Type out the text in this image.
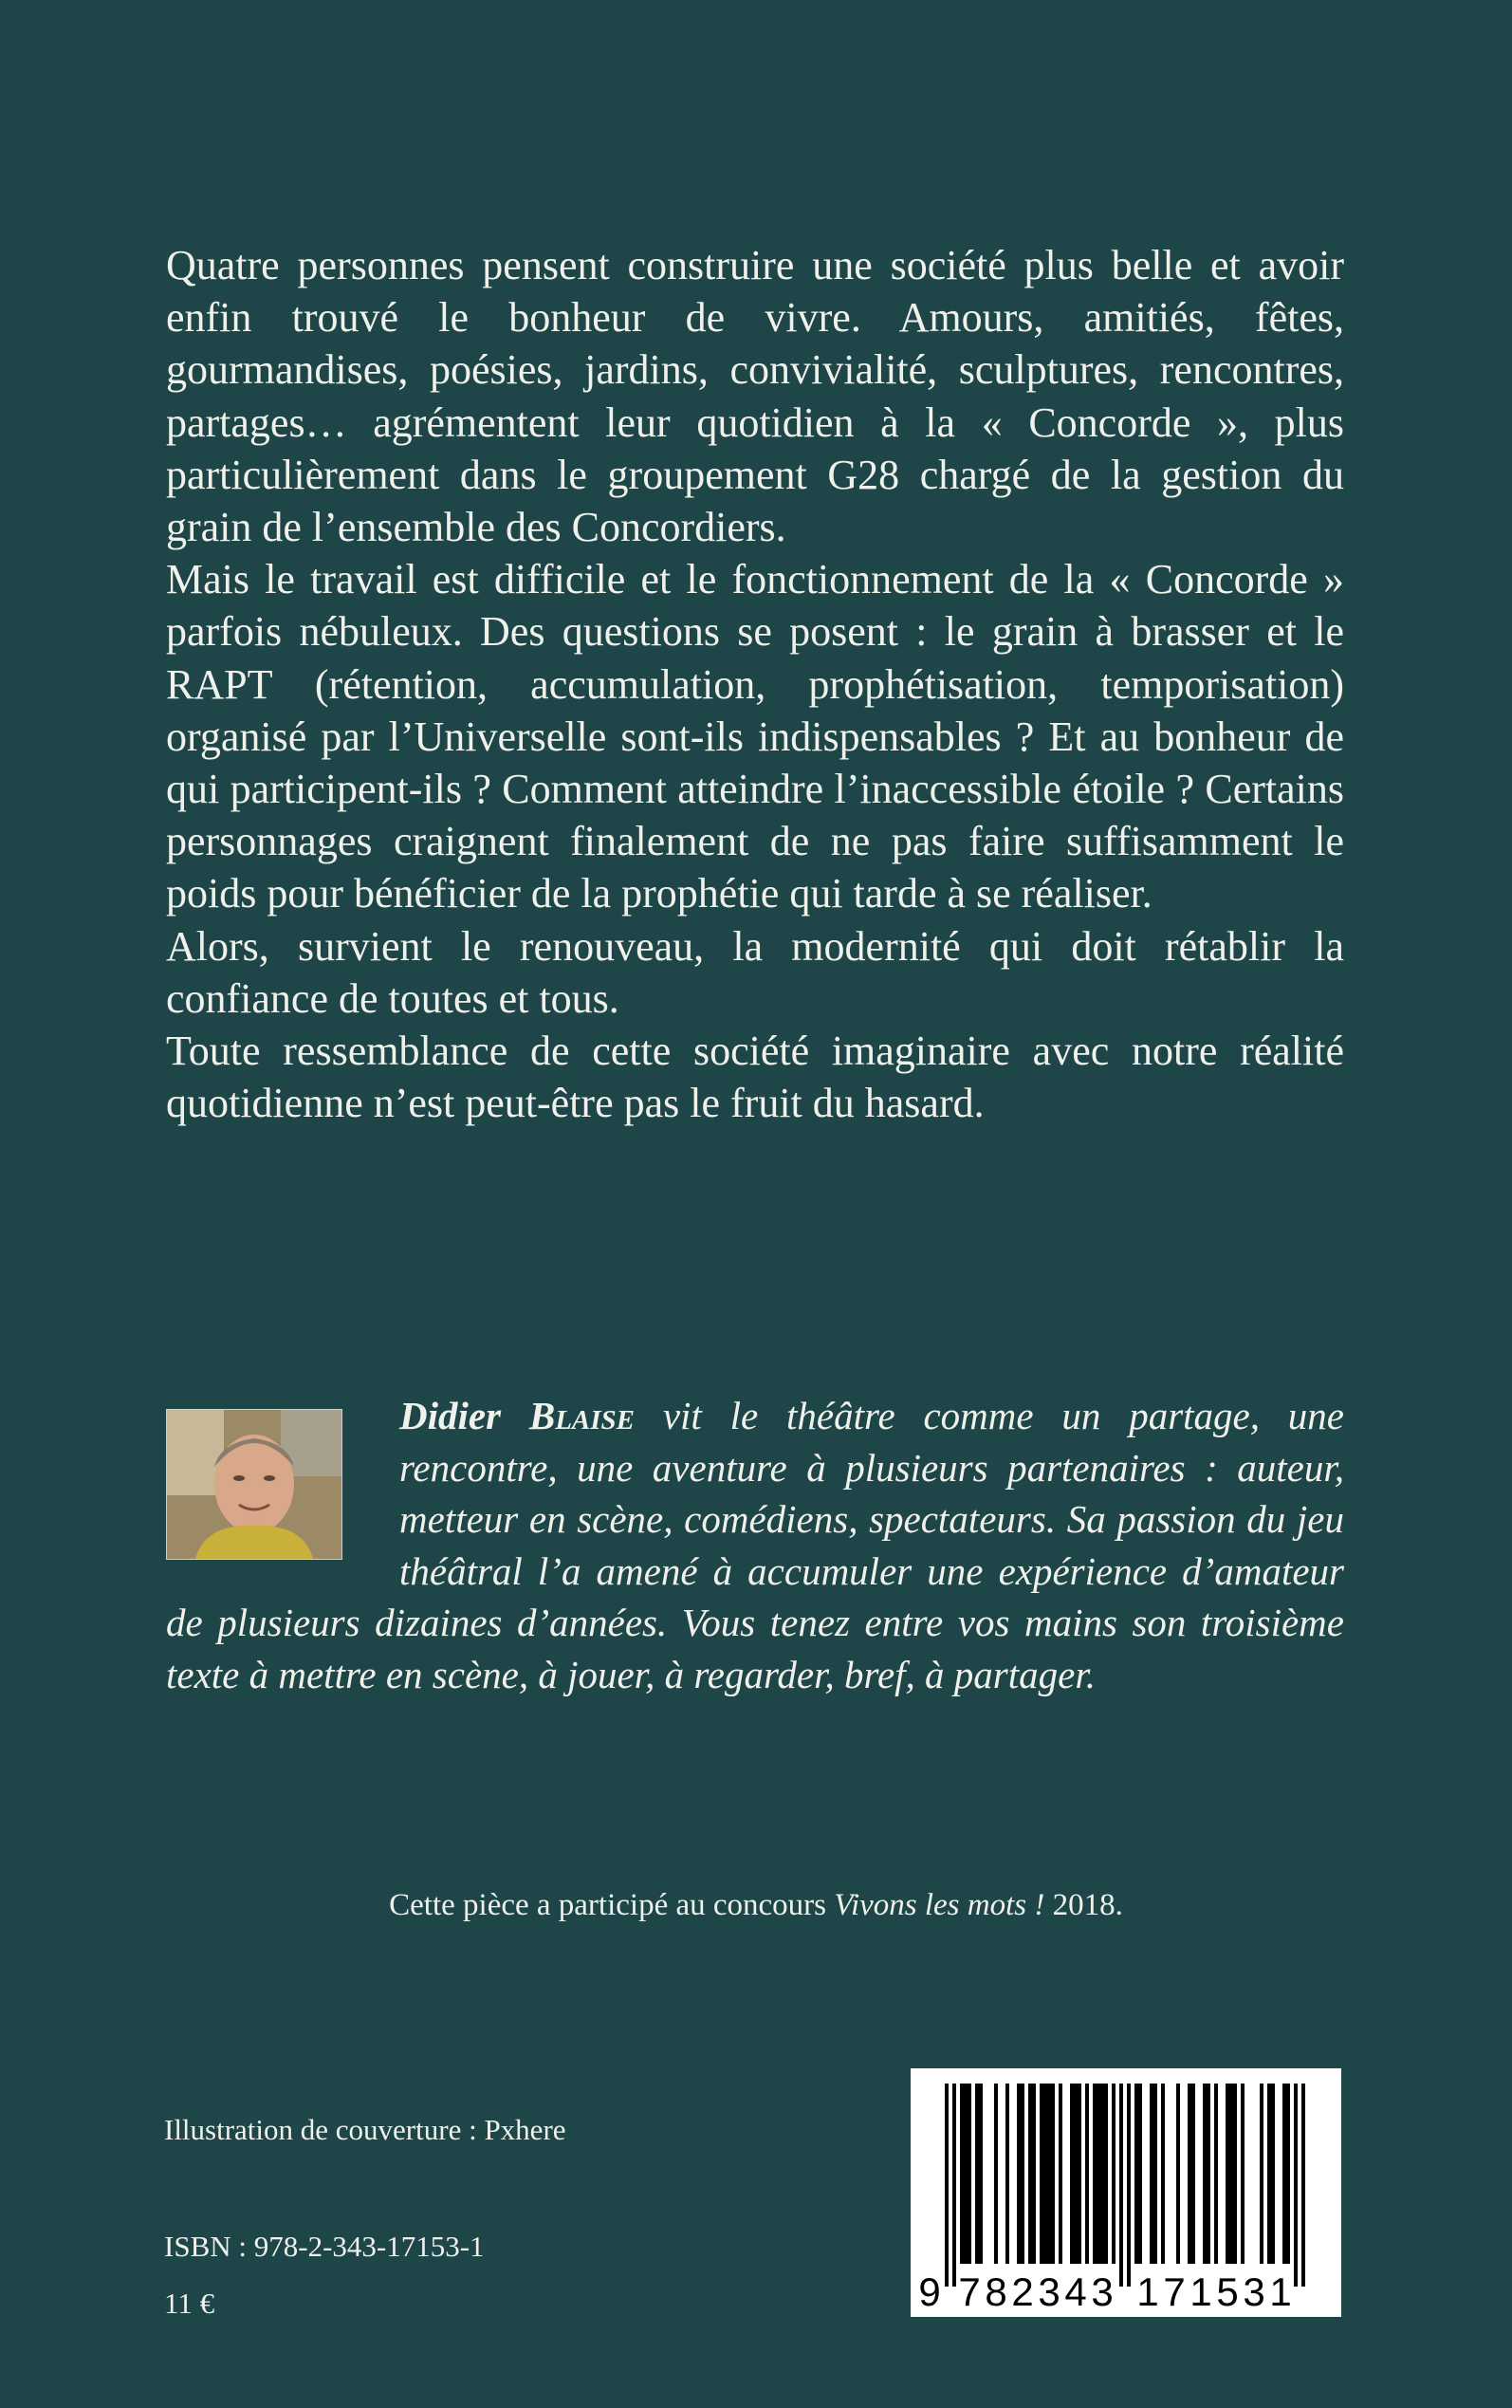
Quatre personnes pensent construire une société plus belle et avoir enfin trouvé le bonheur de vivre. Amours, amitiés, fêtes, gourmandises, poésies, jardins, convivialité, sculptures, rencontres, partages… agrémentent leur quotidien à la « Concorde », plus particulièrement dans le groupement G28 chargé de la gestion du grain de l’ensemble des Concordiers.

Mais le travail est difficile et le fonctionnement de la « Concorde » parfois nébuleux. Des questions se posent : le grain à brasser et le RAPT (rétention, accumulation, prophétisation, temporisation) organisé par l’Universelle sont-ils indispensables ? Et au bonheur de qui participent-ils ? Comment atteindre l’inaccessible étoile ? Certains personnages craignent finalement de ne pas faire suffisamment le poids pour bénéficier de la prophétie qui tarde à se réaliser.

Alors, survient le renouveau, la modernité qui doit rétablir la confiance de toutes et tous.

Toute ressemblance de cette société imaginaire avec notre réalité quotidienne n’est peut-être pas le fruit du hasard.

Didier Blaise vit le théâtre comme un partage, une rencontre, une aventure à plusieurs partenaires : auteur, metteur en scène, comédiens, spectateurs. Sa passion du jeu théâtral l’a amené à accumuler une expérience d’amateur de plusieurs dizaines d’années. Vous tenez entre vos mains son troisième texte à mettre en scène, à jouer, à regarder, bref, à partager.
Cette pièce a participé au concours Vivons les mots ! 2018.
Illustration de couverture : Pxhere
ISBN : 978-2-343-17153-1
11 €	9 7 8 2 3 4 3 1 7 1 5 3 1
